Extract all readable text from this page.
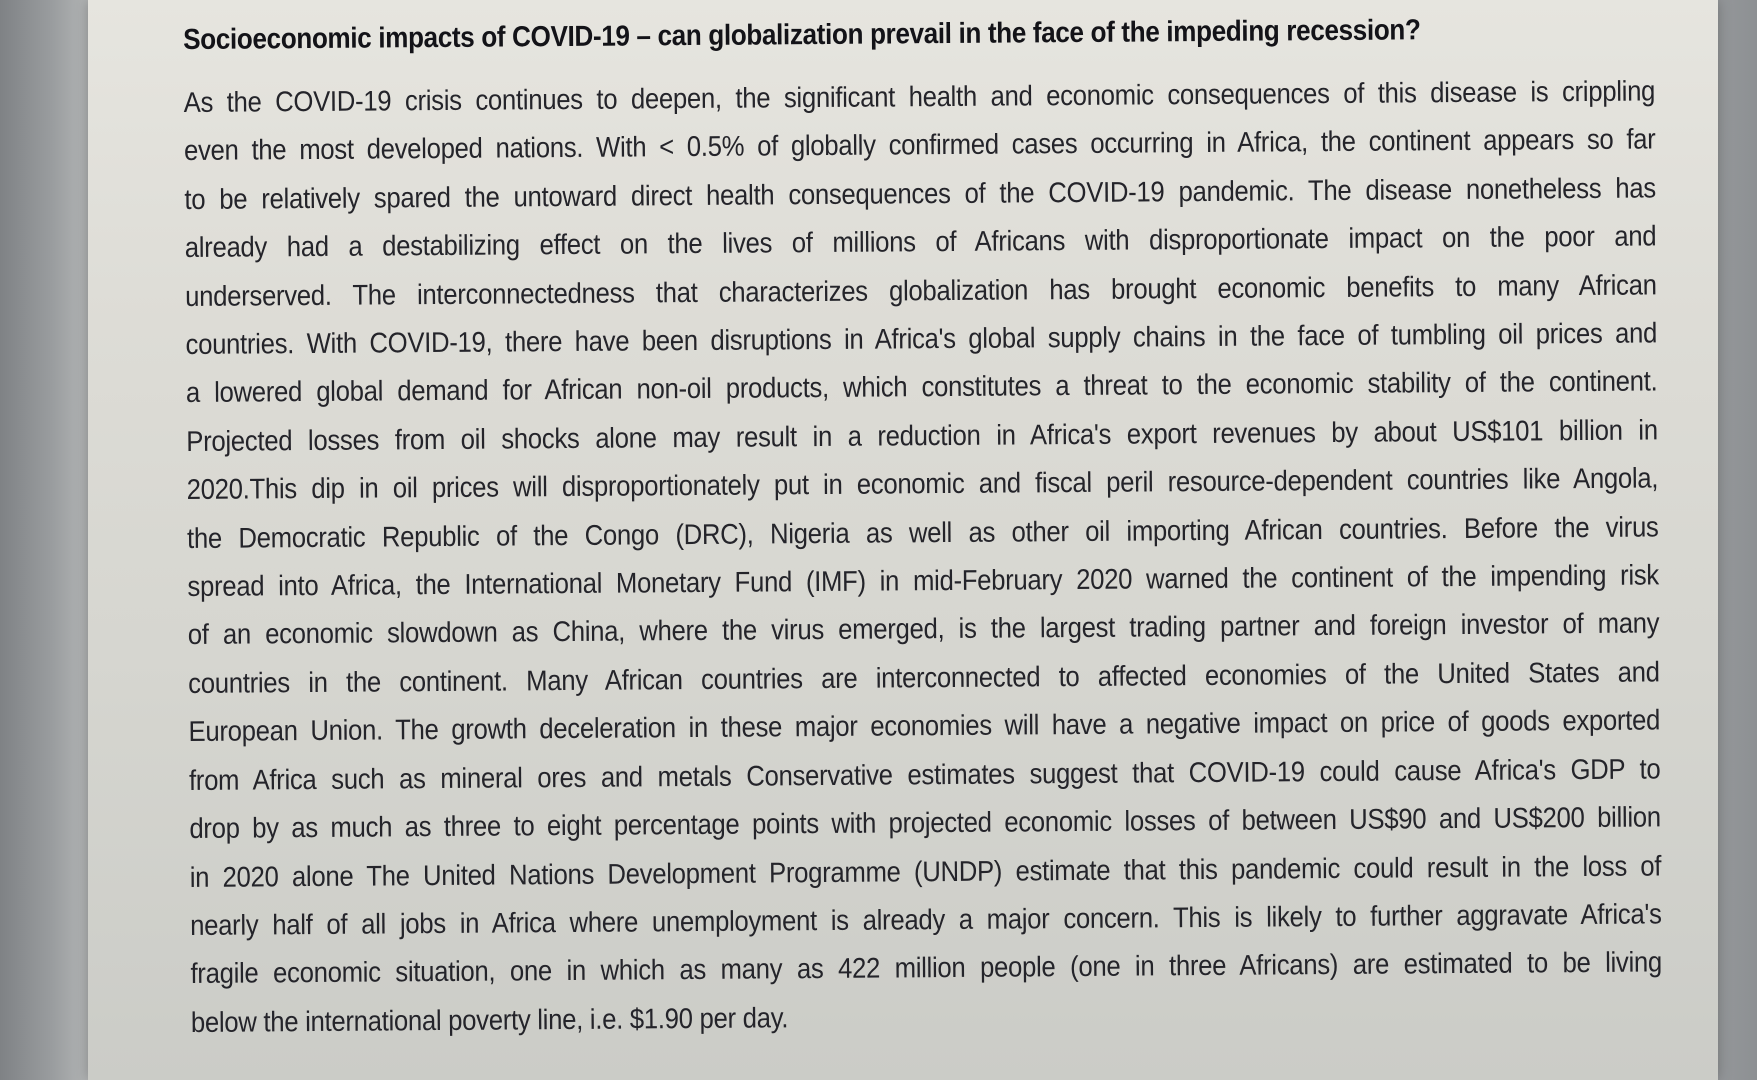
Socioeconomic impacts of COVID-19 – can globalization prevail in the face of the impeding recession?
As the COVID-19 crisis continues to deepen, the significant health and economic consequences of this disease is crippling
even the most developed nations. With < 0.5% of globally confirmed cases occurring in Africa, the continent appears so far
to be relatively spared the untoward direct health consequences of the COVID-19 pandemic. The disease nonetheless has
already had a destabilizing effect on the lives of millions of Africans with disproportionate impact on the poor and
underserved. The interconnectedness that characterizes globalization has brought economic benefits to many African
countries. With COVID-19, there have been disruptions in Africa's global supply chains in the face of tumbling oil prices and
a lowered global demand for African non-oil products, which constitutes a threat to the economic stability of the continent.
Projected losses from oil shocks alone may result in a reduction in Africa's export revenues by about US$101 billion in
2020.This dip in oil prices will disproportionately put in economic and fiscal peril resource-dependent countries like Angola,
the Democratic Republic of the Congo (DRC), Nigeria as well as other oil importing African countries. Before the virus
spread into Africa, the International Monetary Fund (IMF) in mid-February 2020 warned the continent of the impending risk
of an economic slowdown as China, where the virus emerged, is the largest trading partner and foreign investor of many
countries in the continent. Many African countries are interconnected to affected economies of the United States and
European Union. The growth deceleration in these major economies will have a negative impact on price of goods exported
from Africa such as mineral ores and metals Conservative estimates suggest that COVID-19 could cause Africa's GDP to
drop by as much as three to eight percentage points with projected economic losses of between US$90 and US$200 billion
in 2020 alone The United Nations Development Programme (UNDP) estimate that this pandemic could result in the loss of
nearly half of all jobs in Africa where unemployment is already a major concern. This is likely to further aggravate Africa's
fragile economic situation, one in which as many as 422 million people (one in three Africans) are estimated to be living
below the international poverty line, i.e. $1.90 per day.
